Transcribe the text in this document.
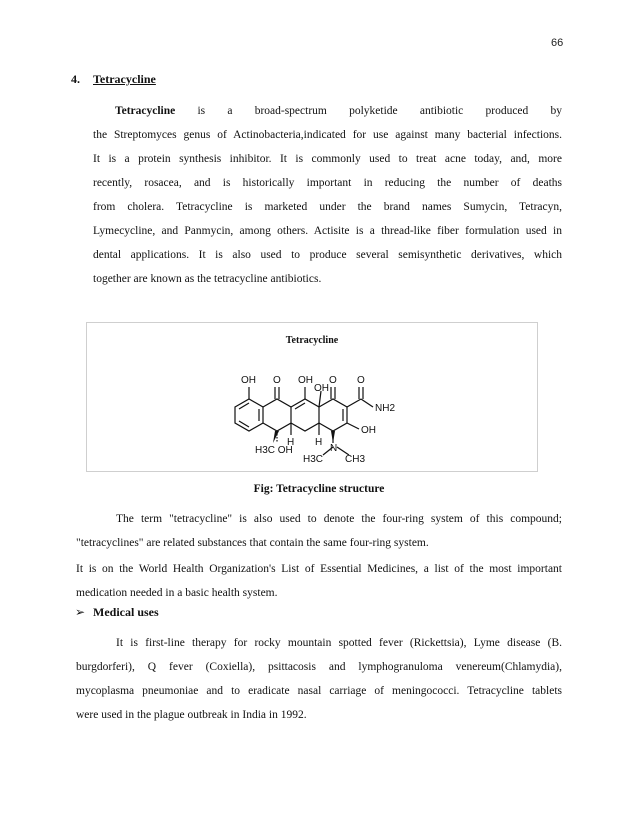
66
4. Tetracycline
Tetracycline is a broad-spectrum polyketide antibiotic produced by
the Streptomyces genus of Actinobacteria,indicated for use against many bacterial infections.
It is a protein synthesis inhibitor. It is commonly used to treat acne today, and, more
recently, rosacea, and is historically important in reducing the number of deaths
from cholera. Tetracycline is marketed under the brand names Sumycin, Tetracyn,
Lymecycline, and Panmycin, among others. Actisite is a thread-like fiber formulation used in
dental applications. It is also used to produce several semisynthetic derivatives, which
together are known as the tetracycline antibiotics.
Tetracycline
OH O OH
OH
O O
NH2
OH
H3C OH
H H
N
H3C CH3
Fig: Tetracycline structure
The term "tetracycline" is also used to denote the four-ring system of this compound;
"tetracyclines" are related substances that contain the same four-ring system.
It is on the World Health Organization's List of Essential Medicines, a list of the most important
medication needed in a basic health system.
➢ Medical uses
It is first-line therapy for rocky mountain spotted fever (Rickettsia), Lyme disease (B.
burgdorferi), Q fever (Coxiella), psittacosis and lymphogranuloma venereum(Chlamydia),
mycoplasma pneumoniae and to eradicate nasal carriage of meningococci. Tetracycline tablets
were used in the plague outbreak in India in 1992.
